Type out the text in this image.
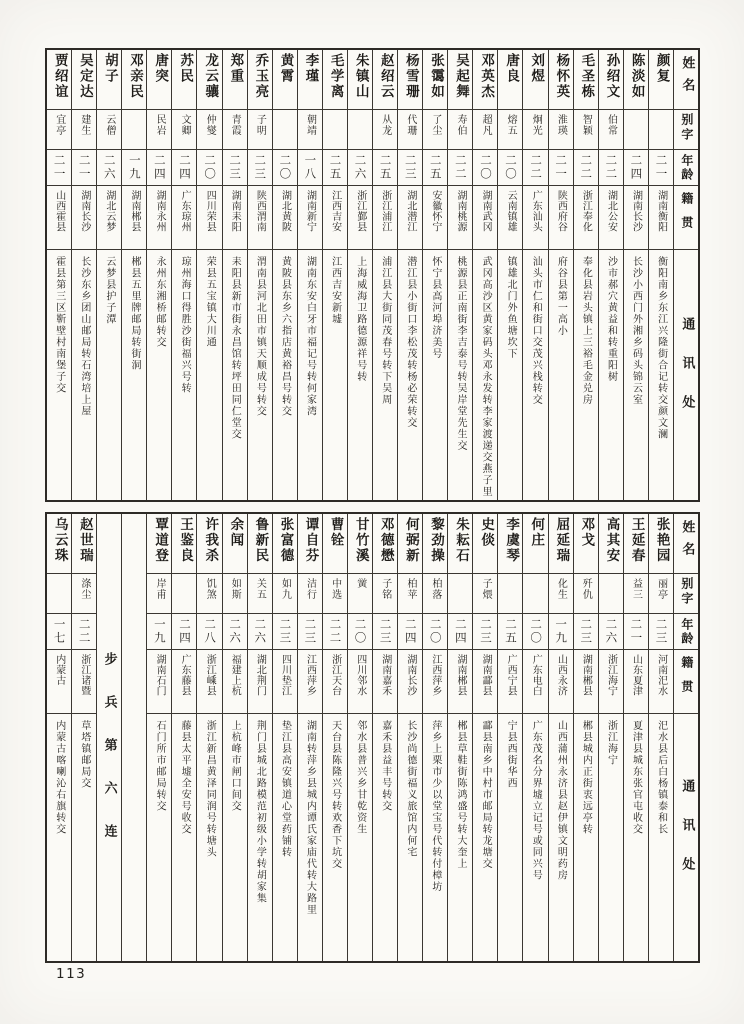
姓名
别字
年龄
籍贯
通讯处
颜复
二一
湖南衡阳
衡阳南乡东江兴隆街合记转交颜文澜
陈淡如
二四
湖南长沙
长沙小西门外湘乡码头锦云室
孙绍文
伯常
二二
湖北公安
沙市郝穴黄益和转重阳树
毛圣栋
智颖
二二
浙江奉化
奉化县岩头镇上三裕毛金兑房
杨怀英
淮瑛
二一
陕西府谷
府谷县第一高小
刘煜
炯光
二二
广东汕头
汕头市仁和街口交茂兴栈转交
唐良
熔五
二〇
云南镇雄
镇雄北门外鱼塘坎下
邓英杰
超凡
二〇
湖南武冈
武冈高沙区黄家码头邓永发转李家渡递交燕子里
吴起舞
寿伯
二二
湖南桃源
桃源县正南街李吉泰号转吴岸堂先生交
张霭如
了尘
二五
安徽怀宁
怀宁县高河埠济美号
杨雪珊
代珊
二三
湖北潜江
潜江县小街口李松茂转杨必荣转交
赵绍云
从龙
二五
浙江浦江
浦江县大街同茂春号转下吴周
朱镇山
二六
浙江鄞县
上海威海卫路德源祥号转
毛学离
二五
江西吉安
江西吉安新墟
李瑾
朝靖
一八
湖南新宁
湖南东安白牙市福记号转何家湾
黄霄
二〇
湖北黄陂
黄陂县东乡六指店黄裕昌号转交
乔玉亮
子明
二三
陕西渭南
渭南县河北田市镇天顺成号转交
郑重
青霞
二三
湖南耒阳
耒阳县新市街永昌馆转坪田同仁堂交
龙云骧
仲燮
二〇
四川荣县
荣县五宝镇大川通
苏民
文卿
二四
广东琼州
琼州海口得胜沙街福兴号转
唐突
民岩
二四
湖南永州
永州东湘桥邮转交
邓亲民
一九
湖南郴县
郴县五里牌邮局转街洞
胡子
云僧
二六
湖北云梦
云梦县护子潭
吴定达
建生
二一
湖南长沙
长沙东乡团山邮局转石湾培上屋
贾绍谊
宜亭
二一
山西霍县
霍县第三区靳壁村南堡子交
姓名
别字
年龄
籍贯
通讯处
张艳园
丽亭
二三
河南汜水
汜水县后白杨镇泰和长
王延春
益三
二一
山东夏津
夏津县城东张官屯收交
高其安
二六
浙江海宁
浙江海宁
邓戈
歼仇
二三
湖南郴县
郴县城内正街衷远亭转
屈延瑞
化生
一九
山西永济
山西蒲州永济县赵伊镇文明药房
何庄
二〇
广东电白
广东茂名分界墟立记号或同兴号
李虞琴
二五
广西宁县
宁县西街华西
史倓
子煨
二三
湖南酃县
酃县南乡中村市邮局转龙塘交
朱耘石
二四
湖南郴县
郴县草鞋街陈鸿盛号转大奎上
黎劲操
柏落
二〇
江西萍乡
萍乡上栗市少以堂宝号代转付樟坊
何弼新
柏苹
二四
湖南长沙
长沙尚德街福义旅馆内何宅
邓德懋
子铭
二三
湖南嘉禾
嘉禾县益丰号转交
甘竹溪
黉
二〇
四川邻水
邻水县普兴乡甘乾资生
曹铨
中选
二二
浙江天台
天台县陈隆兴号转欢香下坑交
谭自芬
洁行
二三
江西萍乡
湖南转萍乡县城内谭氏家庙代转大路里
张富德
如九
二三
四川垫江
垫江县高安镇道心堂药铺转
鲁新民
关五
二六
湖北荆门
荆门县城北路模范初级小学转胡家集
余闻
如斯
二六
福建上杭
上杭峰市闸口间交
许我杀
饥煞
二八
浙江嵊县
浙江新昌黄泽同润号转塘头
王鉴良
二四
广东藤县
藤县太平墟全安号收交
覃道登
岸甫
一九
湖南石门
石门所市邮局转交
步兵第六连
赵世瑞
涤尘
二二
浙江诸暨
草塔镇邮局交
乌云珠
一七
内蒙古
内蒙古喀喇沁右旗转交
113
